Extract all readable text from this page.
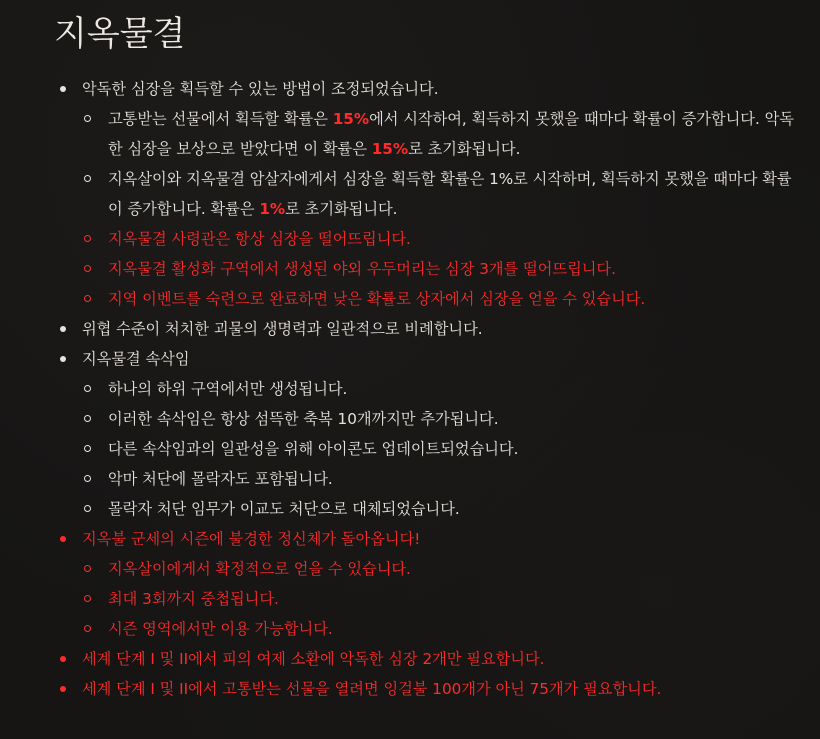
지옥물결
악독한 심장을 획득할 수 있는 방법이 조정되었습니다.
고통받는 선물에서 획득할 확률은 15%에서 시작하여, 획득하지 못했을 때마다 확률이 증가합니다. 악독한 심장을 보상으로 받았다면 이 확률은 15%로 초기화됩니다.
지옥살이와 지옥물결 암살자에게서 심장을 획득할 확률은 1%로 시작하며, 획득하지 못했을 때마다 확률이 증가합니다. 확률은 1%로 초기화됩니다.
지옥물결 사령관은 항상 심장을 떨어뜨립니다.
지옥물결 활성화 구역에서 생성된 야외 우두머리는 심장 3개를 떨어뜨립니다.
지역 이벤트를 숙련으로 완료하면 낮은 확률로 상자에서 심장을 얻을 수 있습니다.
위협 수준이 처치한 괴물의 생명력과 일관적으로 비례합니다.
지옥물결 속삭임
하나의 하위 구역에서만 생성됩니다.
이러한 속삭임은 항상 섬뜩한 축복 10개까지만 추가됩니다.
다른 속삭임과의 일관성을 위해 아이콘도 업데이트되었습니다.
악마 처단에 몰락자도 포함됩니다.
몰락자 처단 임무가 이교도 처단으로 대체되었습니다.
지옥불 군세의 시즌에 불경한 정신체가 돌아옵니다!
지옥살이에게서 확정적으로 얻을 수 있습니다.
최대 3회까지 중첩됩니다.
시즌 영역에서만 이용 가능합니다.
세계 단계 I 및 II에서 피의 여제 소환에 악독한 심장 2개만 필요합니다.
세계 단계 I 및 II에서 고통받는 선물을 열려면 잉걸불 100개가 아닌 75개가 필요합니다.
